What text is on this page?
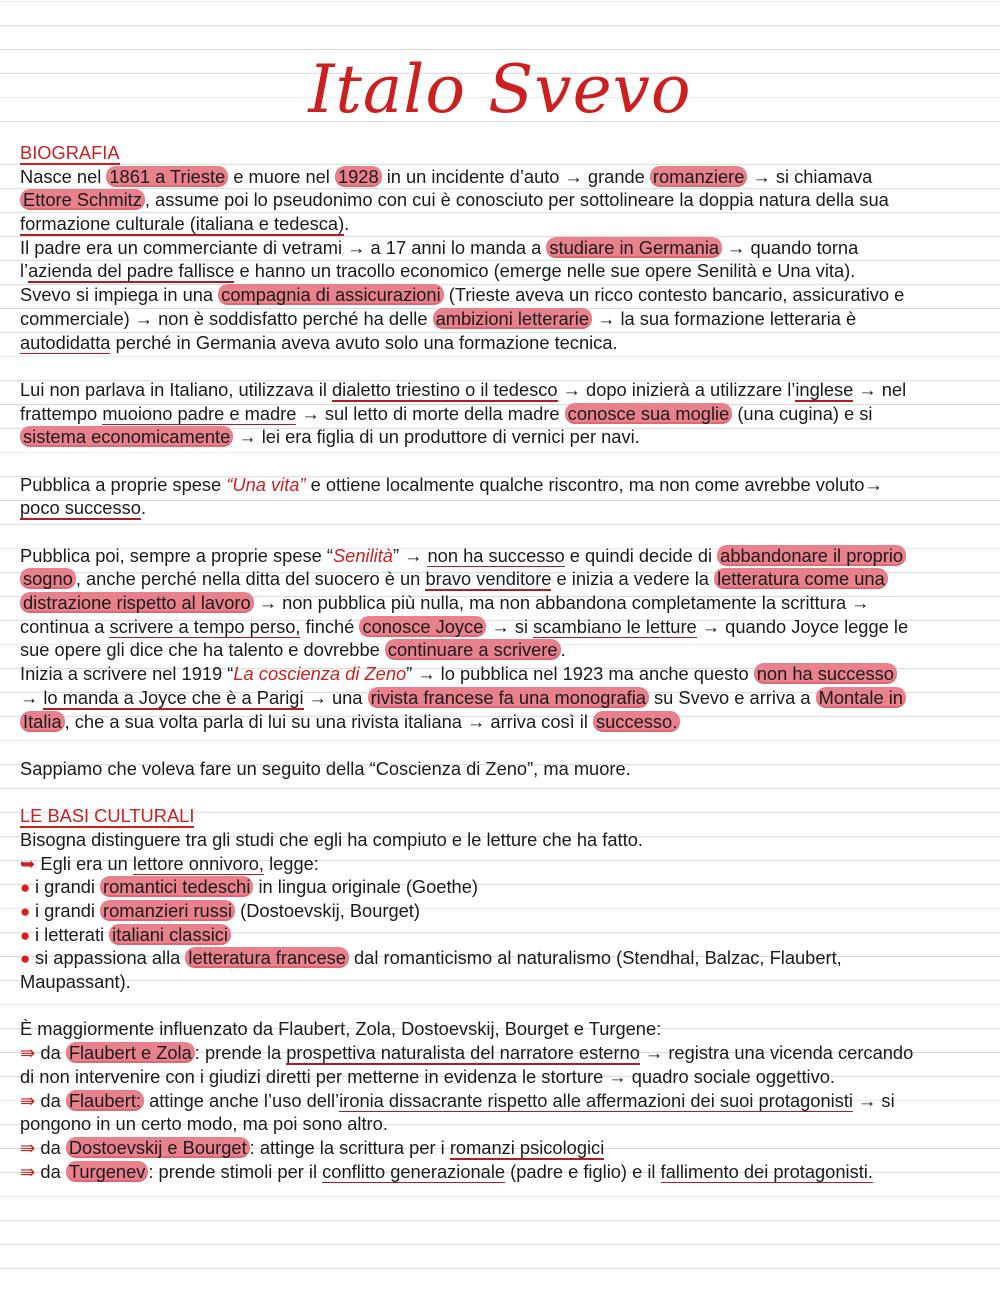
Italo Svevo
BIOGRAFIA
Nasce nel 1861 a Trieste e muore nel 1928 in un incidente d’auto → grande romanziere → si chiamava
Ettore Schmitz , assume poi lo pseudonimo con cui è conosciuto per sottolineare la doppia natura della sua
formazione culturale (italiana e tedesca).
Il padre era un commerciante di vetrami → a 17 anni lo manda a studiare in Germania → quando torna
l’azienda del padre fallisce e hanno un tracollo economico (emerge nelle sue opere Senilità e Una vita).
Svevo si impiega in una compagnia di assicurazioni (Trieste aveva un ricco contesto bancario, assicurativo e
commerciale) → non è soddisfatto perché ha delle ambizioni letterarie → la sua formazione letteraria è
autodidatta perché in Germania aveva avuto solo una formazione tecnica.
Lui non parlava in Italiano, utilizzava il dialetto triestino o il tedesco → dopo inizierà a utilizzare l’inglese → nel
frattempo muoiono padre e madre → sul letto di morte della madre conosce sua moglie (una cugina) e si
sistema economicamente → lei era figlia di un produttore di vernici per navi.
Pubblica a proprie spese “Una vita” e ottiene localmente qualche riscontro, ma non come avrebbe voluto→
poco successo.
Pubblica poi, sempre a proprie spese “Senilità” → non ha successo e quindi decide di abbandonare il proprio
sogno , anche perché nella ditta del suocero è un bravo venditore e inizia a vedere la letteratura come una
distrazione rispetto al lavoro → non pubblica più nulla, ma non abbandona completamente la scrittura →
continua a scrivere a tempo perso, finché conosce Joyce → si scambiano le letture → quando Joyce legge le
sue opere gli dice che ha talento e dovrebbe continuare a scrivere .
Inizia a scrivere nel 1919 “La coscienza di Zeno” → lo pubblica nel 1923 ma anche questo non ha successo
→ lo manda a Joyce che è a Parigi → una rivista francese fa una monografia su Svevo e arriva a Montale in
Italia , che a sua volta parla di lui su una rivista italiana → arriva così il successo.
Sappiamo che voleva fare un seguito della “Coscienza di Zeno”, ma muore.
LE BASI CULTURALI
Bisogna distinguere tra gli studi che egli ha compiuto e le letture che ha fatto.
➥ Egli era un lettore onnivoro, legge:
● i grandi romantici tedeschi in lingua originale (Goethe)
● i grandi romanzieri russi (Dostoevskij, Bourget)
● i letterati italiani classici
● si appassiona alla letteratura francese dal romanticismo al naturalismo (Stendhal, Balzac, Flaubert,
Maupassant).
È maggiormente influenzato da Flaubert, Zola, Dostoevskij, Bourget e Turgene:
⇛ da Flaubert e Zola : prende la prospettiva naturalista del narratore esterno → registra una vicenda cercando
di non intervenire con i giudizi diretti per metterne in evidenza le storture → quadro sociale oggettivo.
⇛ da Flaubert: attinge anche l’uso dell’ironia dissacrante rispetto alle affermazioni dei suoi protagonisti → si
pongono in un certo modo, ma poi sono altro.
⇛ da Dostoevskij e Bourget : attinge la scrittura per i romanzi psicologici
⇛ da Turgenev : prende stimoli per il conflitto generazionale (padre e figlio) e il fallimento dei protagonisti.
